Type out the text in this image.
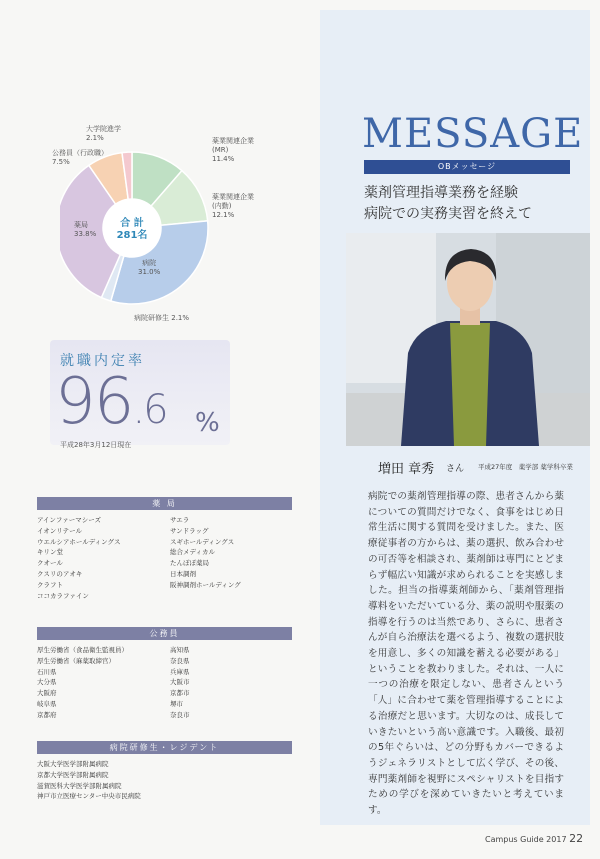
大学院進学
2.1%
公務員（行政職）
7.5%
薬業関連企業
(MR)
11.4%
薬業関連企業
(内勤)
12.1%
病院
31.0%
薬局
33.8%
病院研修生 2.1%
合 計
281名
就職内定率
96.6 %
平成28年3月12日現在
薬 局
アインファーマシーズ
イオンリテール
ウエルシアホールディングス
キリン堂
クオール
クスリのアオキ
クラフト
ココカラファイン
サエラ
サンドラッグ
スギホールディングス
総合メディカル
たんぽぽ薬局
日本調剤
阪神調剤ホールディング
公務員
厚生労働省（食品衛生監視員）
厚生労働省（麻薬取締官）
石川県
大分県
大阪府
岐阜県
京都府
高知県
奈良県
兵庫県
大阪市
京都市
堺市
奈良市
病院研修生・レジデント
大阪大学医学部附属病院
京都大学医学部附属病院
滋賀医科大学医学部附属病院
神戸市立医療センター中央市民病院
MESSAGE
OBメッセージ
薬剤管理指導業務を経験
病院での実務実習を終えて
増田 章秀 さん 平成27年度　薬学部 薬学科卒業
病院での薬剤管理指導の際、患者さんから薬についての質問だけでなく、食事をはじめ日常生活に関する質問を受けました。また、医療従事者の方からは、薬の選択、飲み合わせの可否等を相談され、薬剤師は専門にとどまらず幅広い知識が求められることを実感しました。担当の指導薬剤師から、「薬剤管理指導料をいただいている分、薬の説明や服薬の指導を行うのは当然であり、さらに、患者さんが自ら治療法を選べるよう、複数の選択肢を用意し、多くの知識を蓄える必要がある」ということを教わりました。それは、一人に一つの治療を限定しない、患者さんという「人」に合わせて薬を管理指導することによる治療だと思います。大切なのは、成長していきたいという高い意識です。入職後、最初の5年ぐらいは、どの分野もカバーできるようジェネラリストとして広く学び、その後、専門薬剤師を視野にスペシャリストを目指すための学びを深めていきたいと考えています。
Campus Guide 2017 22
